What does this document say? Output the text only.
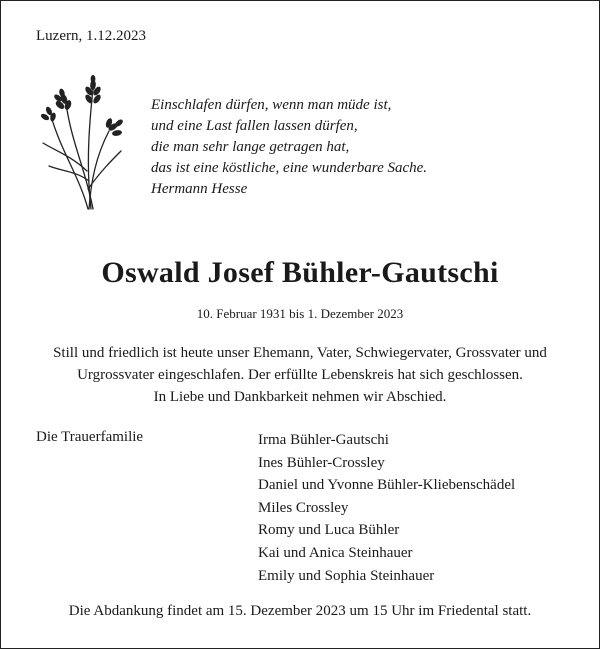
Luzern, 1.12.2023
Einschlafen dürfen, wenn man müde ist,
und eine Last fallen lassen dürfen,
die man sehr lange getragen hat,
das ist eine köstliche, eine wunderbare Sache.
Hermann Hesse
Oswald Josef Bühler-Gautschi
10. Februar 1931 bis 1. Dezember 2023
Still und friedlich ist heute unser Ehemann, Vater, Schwiegervater, Grossvater und
Urgrossvater eingeschlafen. Der erfüllte Lebenskreis hat sich geschlossen.
In Liebe und Dankbarkeit nehmen wir Abschied.
Die Trauerfamilie	Irma Bühler-Gautschi
Ines Bühler-Crossley
Daniel und Yvonne Bühler-Kliebenschädel
Miles Crossley
Romy und Luca Bühler
Kai und Anica Steinhauer
Emily und Sophia Steinhauer
Die Abdankung findet am 15. Dezember 2023 um 15 Uhr im Friedental statt.
